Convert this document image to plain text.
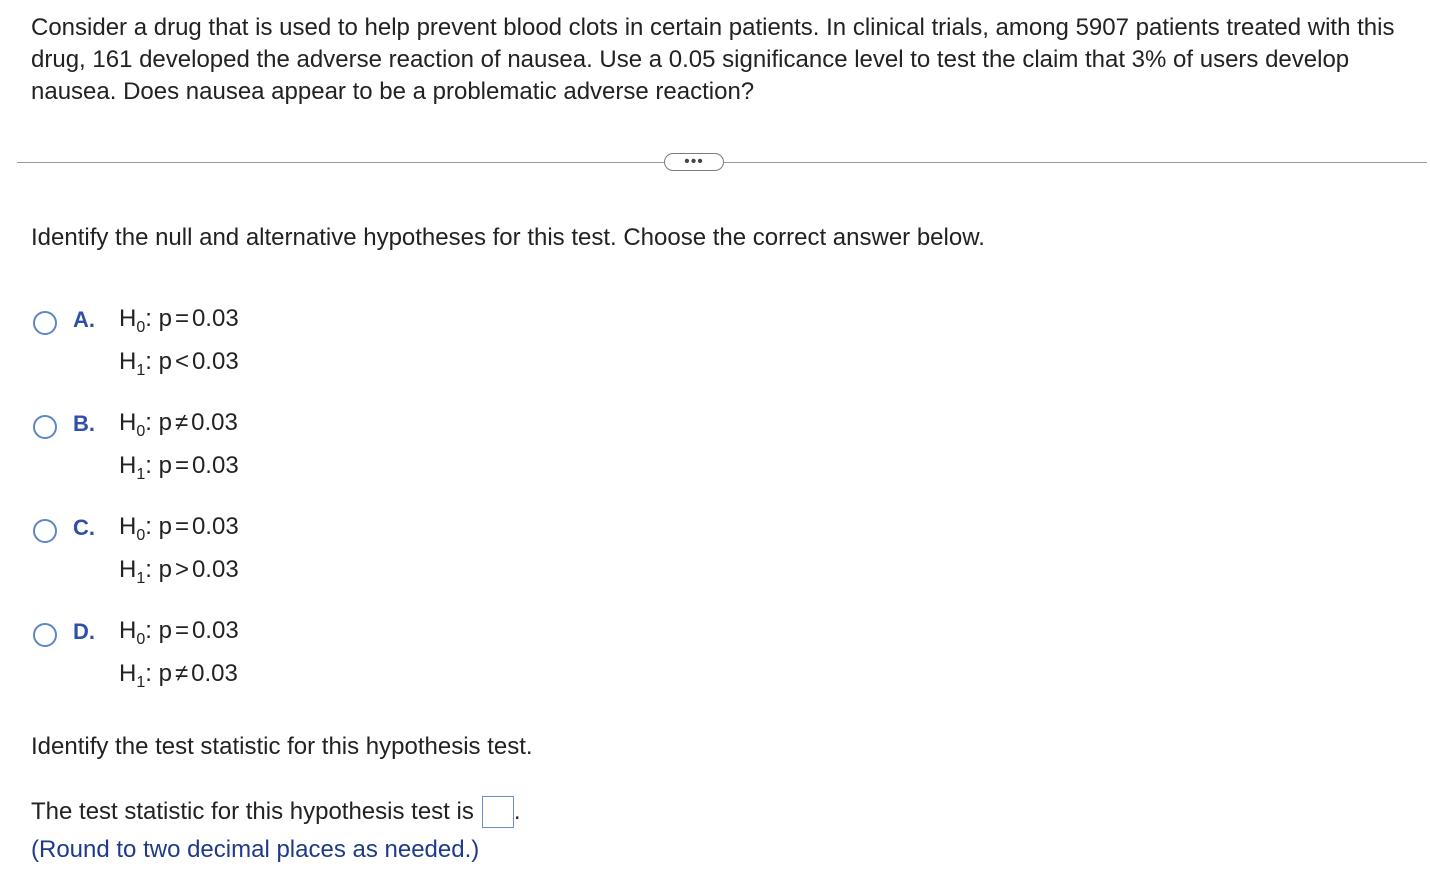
Consider a drug that is used to help prevent blood clots in certain patients. In clinical trials, among 5907 patients treated with this drug, 161 developed the adverse reaction of nausea. Use a 0.05 significance level to test the claim that 3% of users develop nausea. Does nausea appear to be a problematic adverse reaction?
•••
Identify the null and alternative hypotheses for this test. Choose the correct answer below.
A. $H_0$: p = 0.03
$H_1$: p < 0.03
B. $H_0$: p ≠ 0.03
$H_1$: p = 0.03
C. $H_0$: p = 0.03
$H_1$: p > 0.03
D. $H_0$: p = 0.03
$H_1$: p ≠ 0.03
Identify the test statistic for this hypothesis test.
The test statistic for this hypothesis test is .
(Round to two decimal places as needed.)
